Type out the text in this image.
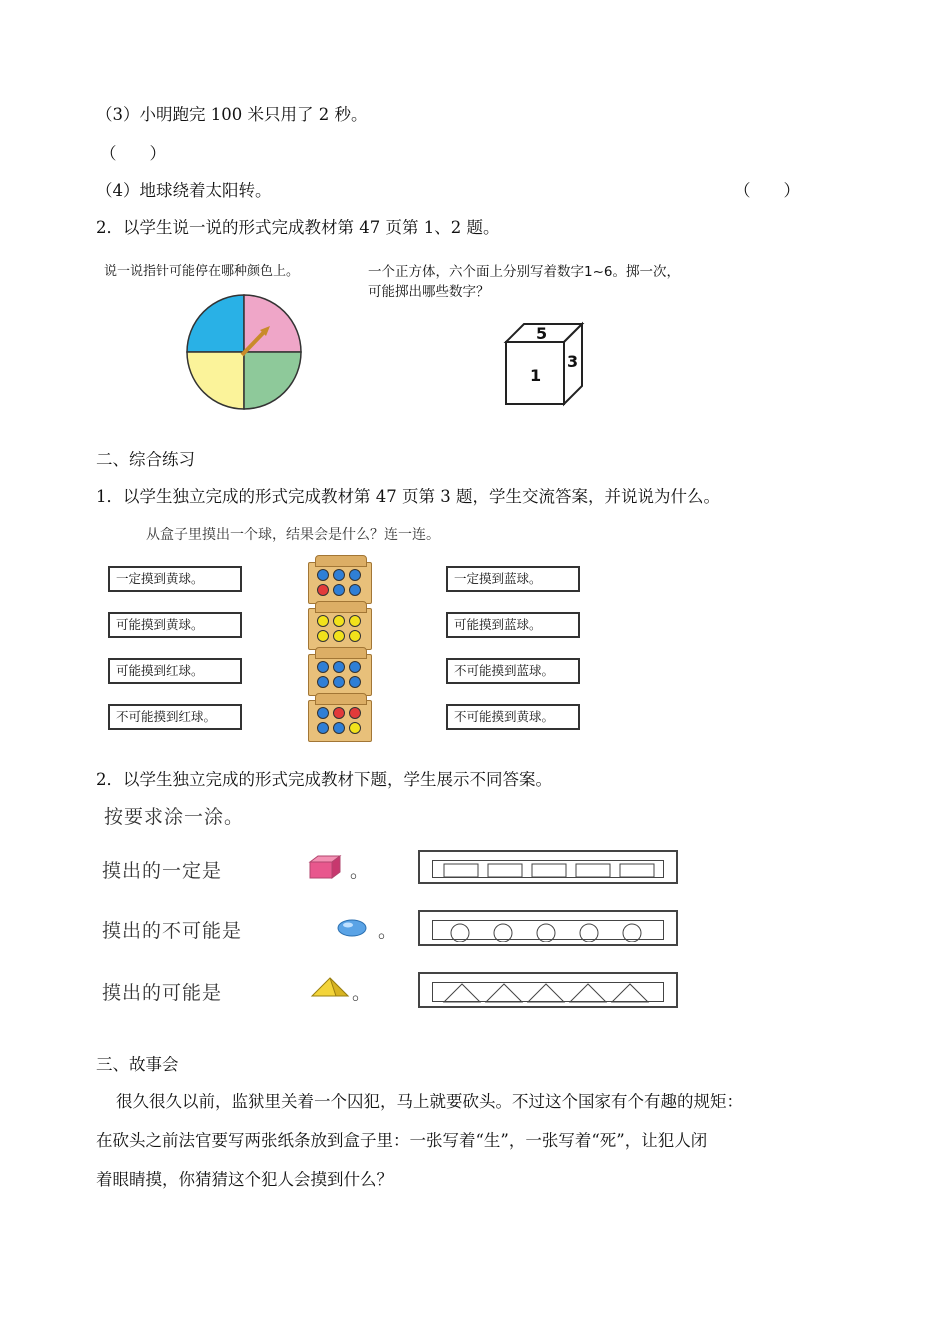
（3）小明跑完 100 米只用了 2 秒。
（　　）
（4）地球绕着太阳转。	（　　）
2．以学生说一说的形式完成教材第 47 页第 1、2 题。
说一说指针可能停在哪种颜色上。	一个正方体，六个面上分别写着数字1~6。掷一次，
可能掷出哪些数字？
5
1
3
二、综合练习
1．以学生独立完成的形式完成教材第 47 页第 3 题，学生交流答案，并说说为什么。
从盒子里摸出一个球，结果会是什么？连一连。
一定摸到黄球。
可能摸到黄球。
可能摸到红球。
不可能摸到红球。
一定摸到蓝球。
可能摸到蓝球。
不可能摸到蓝球。
不可能摸到黄球。
2．以学生独立完成的形式完成教材下题，学生展示不同答案。
按要求涂一涂。
摸出的一定是	。
摸出的不可能是	。
摸出的可能是	。
三、故事会
很久很久以前，监狱里关着一个囚犯，马上就要砍头。不过这个国家有个有趣的规矩：
在砍头之前法官要写两张纸条放到盒子里：一张写着“生”，一张写着“死”，让犯人闭
着眼睛摸，你猜猜这个犯人会摸到什么？
